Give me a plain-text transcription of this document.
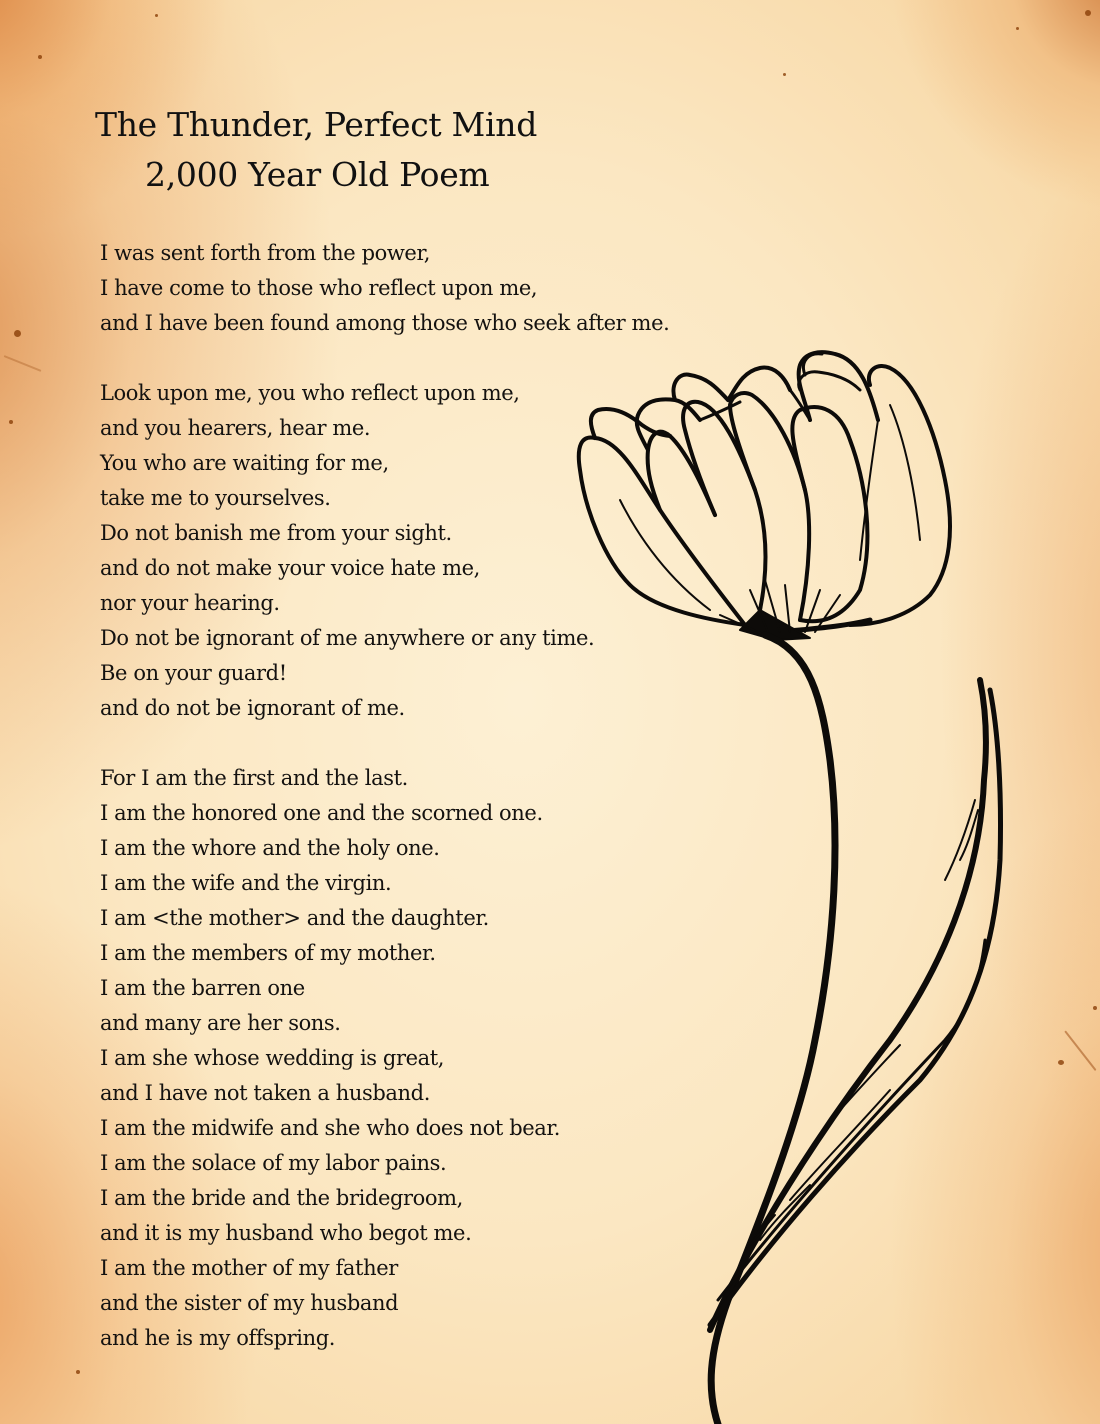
The Thunder, Perfect Mind
2,000 Year Old Poem
I was sent forth from the power,
I have come to those who reflect upon me,
and I have been found among those who seek after me.
Look upon me, you who reflect upon me,
and you hearers, hear me.
You who are waiting for me,
take me to yourselves.
Do not banish me from your sight.
and do not make your voice hate me,
nor your hearing.
Do not be ignorant of me anywhere or any time.
Be on your guard!
and do not be ignorant of me.
For I am the first and the last.
I am the honored one and the scorned one.
I am the whore and the holy one.
I am the wife and the virgin.
I am <the mother> and the daughter.
I am the members of my mother.
I am the barren one
and many are her sons.
I am she whose wedding is great,
and I have not taken a husband.
I am the midwife and she who does not bear.
I am the solace of my labor pains.
I am the bride and the bridegroom,
and it is my husband who begot me.
I am the mother of my father
and the sister of my husband
and he is my offspring.
